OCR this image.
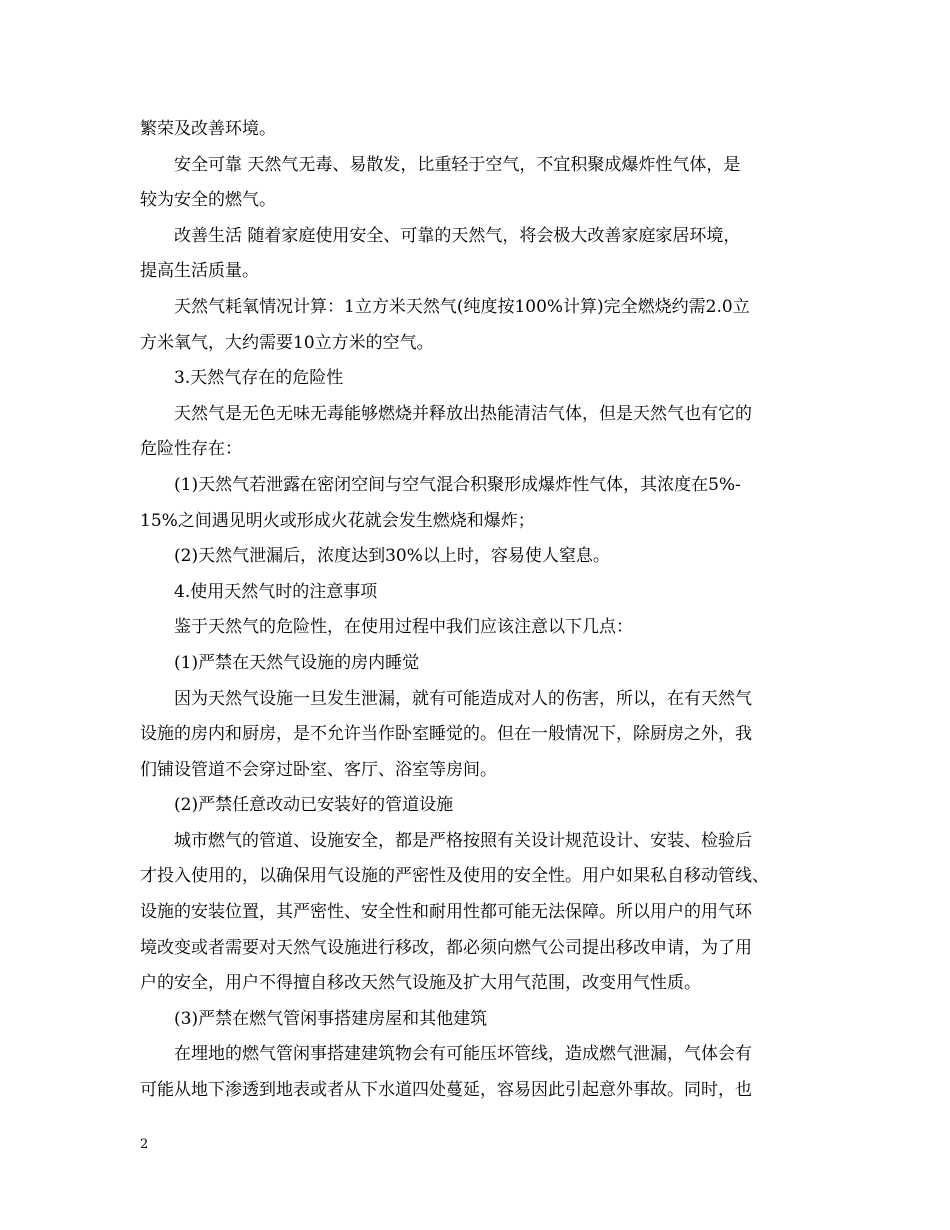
繁荣及改善环境。
安全可靠 天然气无毒、易散发，比重轻于空气，不宜积聚成爆炸性气体，是
较为安全的燃气。
改善生活 随着家庭使用安全、可靠的天然气，将会极大改善家庭家居环境，
提高生活质量。
天然气耗氧情况计算：1立方米天然气(纯度按100%计算)完全燃烧约需2.0立
方米氧气，大约需要10立方米的空气。
3.天然气存在的危险性
天然气是无色无味无毒能够燃烧并释放出热能清洁气体，但是天然气也有它的
危险性存在：
(1)天然气若泄露在密闭空间与空气混合积聚形成爆炸性气体，其浓度在5%-
15%之间遇见明火或形成火花就会发生燃烧和爆炸；
(2)天然气泄漏后，浓度达到30%以上时，容易使人窒息。
4.使用天然气时的注意事项
鉴于天然气的危险性，在使用过程中我们应该注意以下几点：
(1)严禁在天然气设施的房内睡觉
因为天然气设施一旦发生泄漏，就有可能造成对人的伤害，所以，在有天然气
设施的房内和厨房，是不允许当作卧室睡觉的。但在一般情况下，除厨房之外，我
们铺设管道不会穿过卧室、客厅、浴室等房间。
(2)严禁任意改动已安装好的管道设施
城市燃气的管道、设施安全，都是严格按照有关设计规范设计、安装、检验后
才投入使用的，以确保用气设施的严密性及使用的安全性。用户如果私自移动管线、
设施的安装位置，其严密性、安全性和耐用性都可能无法保障。所以用户的用气环
境改变或者需要对天然气设施进行移改，都必须向燃气公司提出移改申请，为了用
户的安全，用户不得擅自移改天然气设施及扩大用气范围，改变用气性质。
(3)严禁在燃气管闲事搭建房屋和其他建筑
在埋地的燃气管闲事搭建建筑物会有可能压坏管线，造成燃气泄漏，气体会有
可能从地下渗透到地表或者从下水道四处蔓延，容易因此引起意外事故。同时，也
2
